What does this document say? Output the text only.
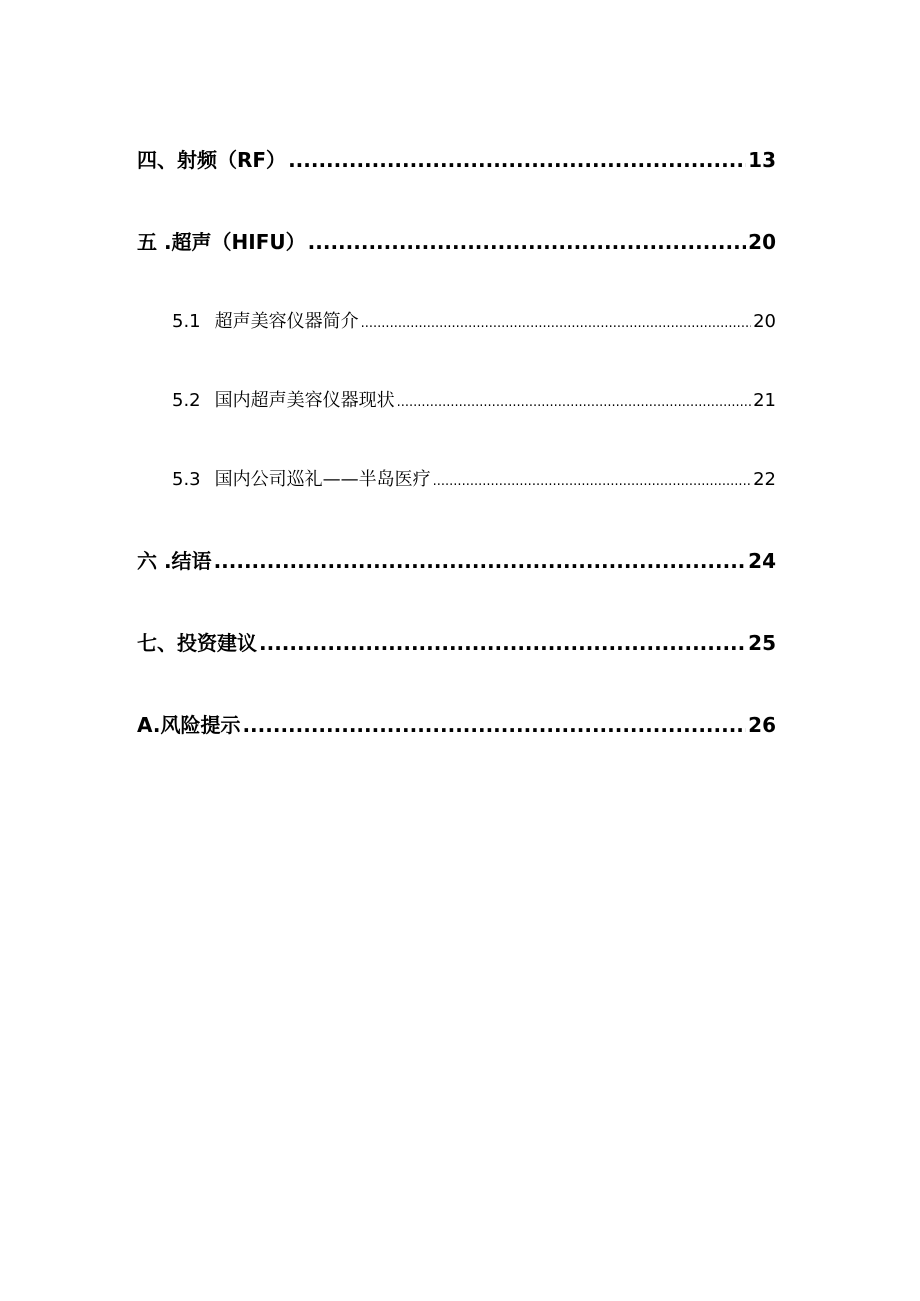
四、射频（RF） .....	13
五 .超声（HIFU） .....	20
5.1 超声美容仪器简介 .....	20
5.2 国内超声美容仪器现状 .....	21
5.3 国内公司巡礼——半岛医疗 .....	22
六 .结语 .....	24
七、投资建议 .....	25
A.风险提示 .....	26
